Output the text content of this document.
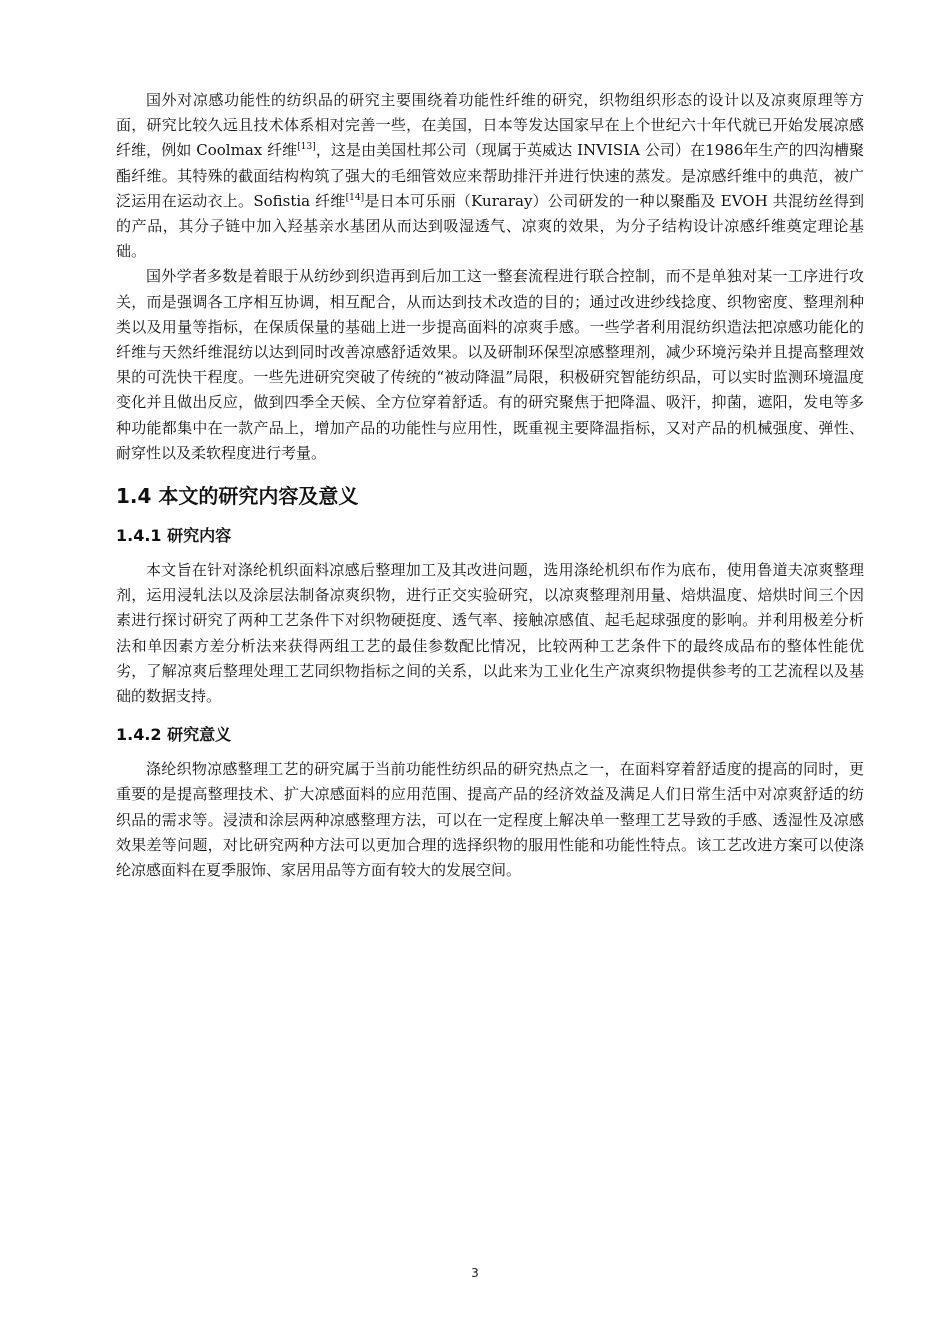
国外对凉感功能性的纺织品的研究主要围绕着功能性纤维的研究，织物组织形态的设计以及凉爽原理等方面，研究比较久远且技术体系相对完善一些，在美国，日本等发达国家早在上个世纪六十年代就已开始发展凉感纤维，例如 Coolmax 纤维[13]，这是由美国杜邦公司（现属于英威达 INVISIA 公司）在1986年生产的四沟槽聚酯纤维。其特殊的截面结构构筑了强大的毛细管效应来帮助排汗并进行快速的蒸发。是凉感纤维中的典范，被广泛运用在运动衣上。Sofistia 纤维[14]是日本可乐丽（Kuraray）公司研发的一种以聚酯及 EVOH 共混纺丝得到的产品，其分子链中加入羟基亲水基团从而达到吸湿透气、凉爽的效果，为分子结构设计凉感纤维奠定理论基础。

国外学者多数是着眼于从纺纱到织造再到后加工这一整套流程进行联合控制，而不是单独对某一工序进行攻关，而是强调各工序相互协调，相互配合，从而达到技术改造的目的；通过改进纱线捻度、织物密度、整理剂种类以及用量等指标，在保质保量的基础上进一步提高面料的凉爽手感。一些学者利用混纺织造法把凉感功能化的纤维与天然纤维混纺以达到同时改善凉感舒适效果。以及研制环保型凉感整理剂，减少环境污染并且提高整理效果的可洗快干程度。一些先进研究突破了传统的“被动降温”局限，积极研究智能纺织品，可以实时监测环境温度变化并且做出反应，做到四季全天候、全方位穿着舒适。有的研究聚焦于把降温、吸汗，抑菌，遮阳，发电等多种功能都集中在一款产品上，增加产品的功能性与应用性，既重视主要降温指标，又对产品的机械强度、弹性、耐穿性以及柔软程度进行考量。

1.4 本文的研究内容及意义
1.4.1 研究内容

本文旨在针对涤纶机织面料凉感后整理加工及其改进问题，选用涤纶机织布作为底布，使用鲁道夫凉爽整理剂，运用浸轧法以及涂层法制备凉爽织物，进行正交实验研究，以凉爽整理剂用量、焙烘温度、焙烘时间三个因素进行探讨研究了两种工艺条件下对织物硬挺度、透气率、接触凉感值、起毛起球强度的影响。并利用极差分析法和单因素方差分析法来获得两组工艺的最佳参数配比情况，比较两种工艺条件下的最终成品布的整体性能优劣，了解凉爽后整理处理工艺同织物指标之间的关系，以此来为工业化生产凉爽织物提供参考的工艺流程以及基础的数据支持。

1.4.2 研究意义

涤纶织物凉感整理工艺的研究属于当前功能性纺织品的研究热点之一，在面料穿着舒适度的提高的同时，更重要的是提高整理技术、扩大凉感面料的应用范围、提高产品的经济效益及满足人们日常生活中对凉爽舒适的纺织品的需求等。浸渍和涂层两种凉感整理方法，可以在一定程度上解决单一整理工艺导致的手感、透湿性及凉感效果差等问题，对比研究两种方法可以更加合理的选择织物的服用性能和功能性特点。该工艺改进方案可以使涤纶凉感面料在夏季服饰、家居用品等方面有较大的发展空间。

3
